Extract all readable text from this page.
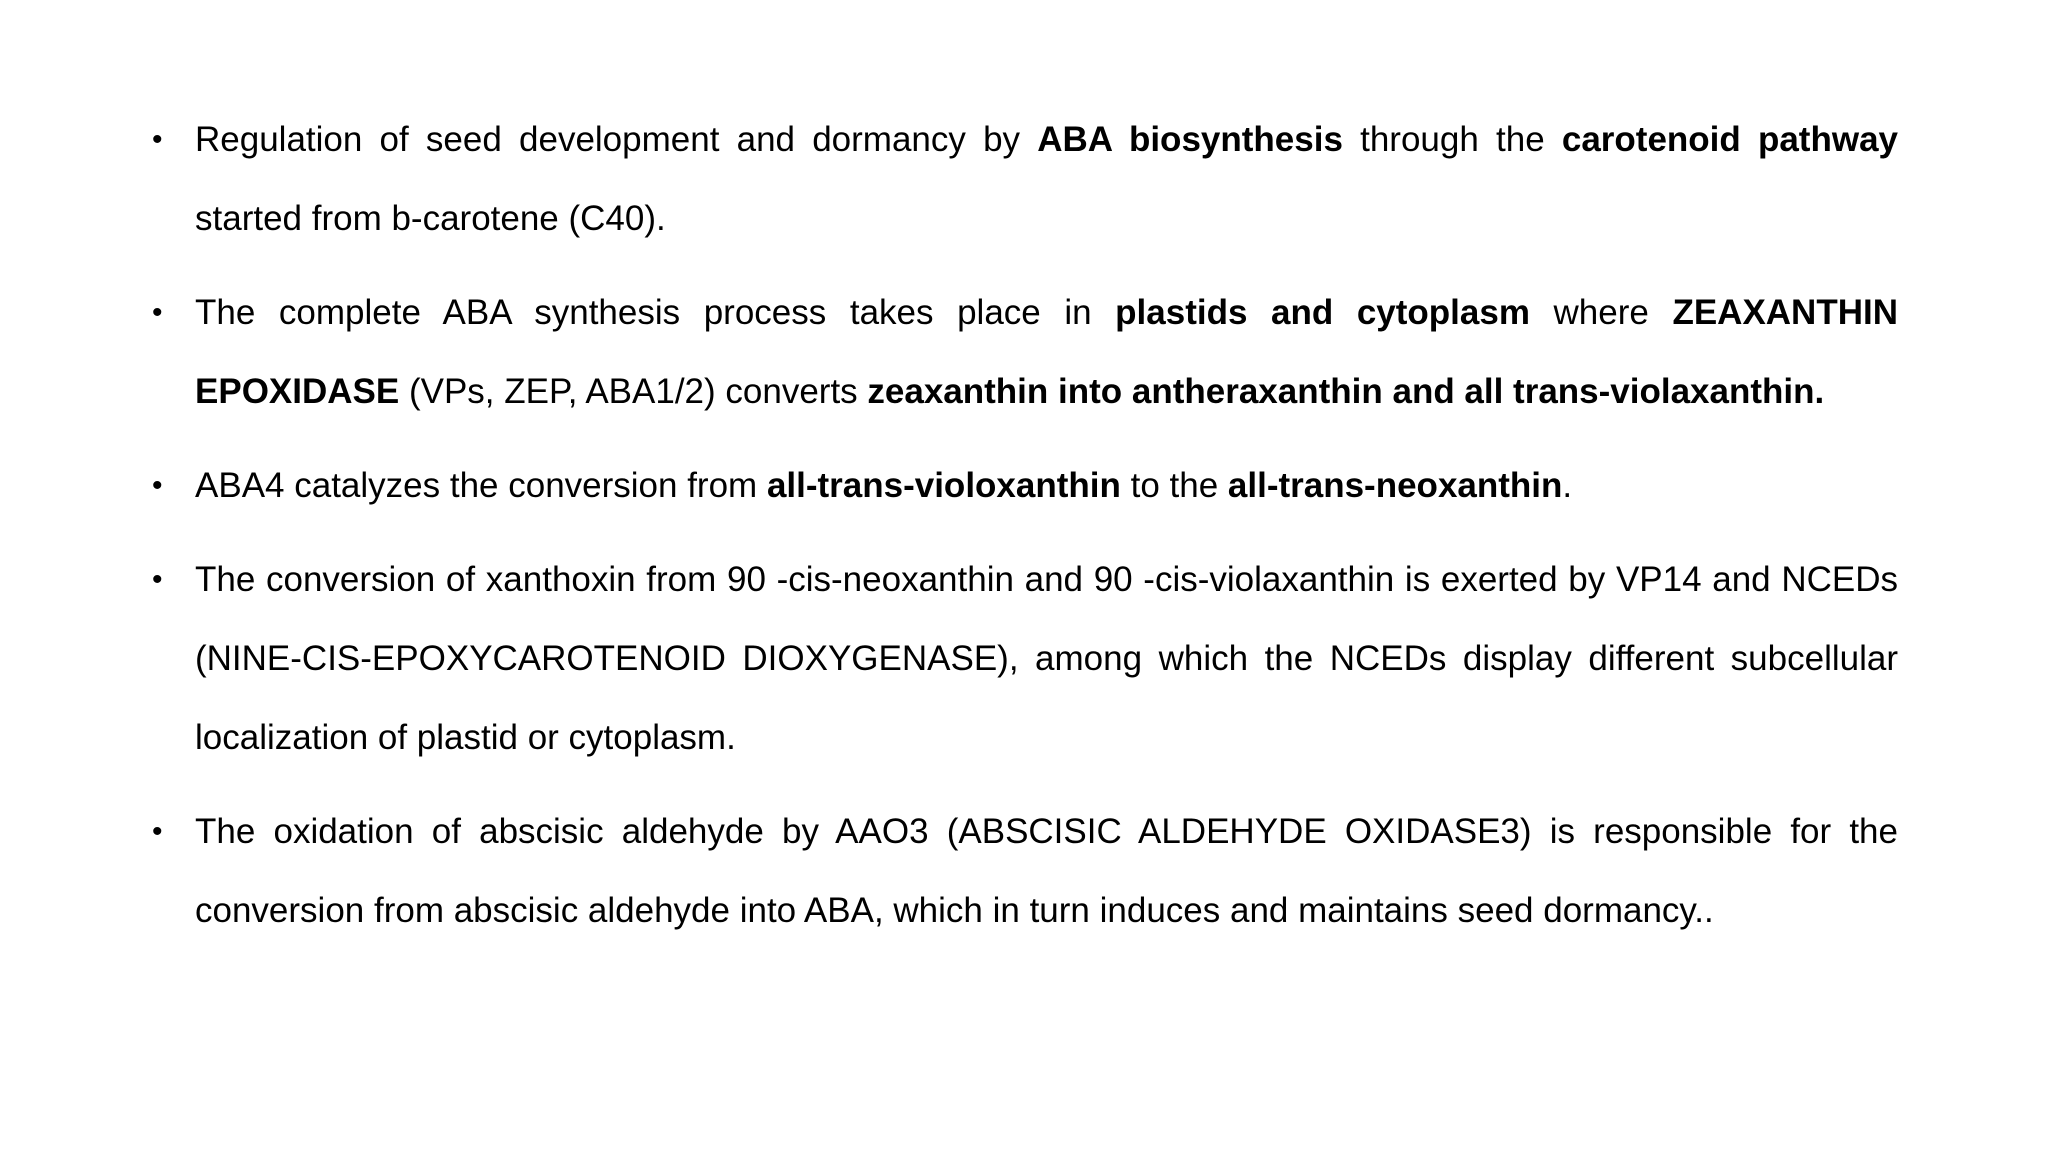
• Regulation of seed development and dormancy by ABA biosynthesis through the carotenoid pathway started from b-carotene (C40).
• The complete ABA synthesis process takes place in plastids and cytoplasm where ZEAXANTHIN EPOXIDASE (VPs, ZEP, ABA1/2) converts zeaxanthin into antheraxanthin and all trans-violaxanthin.
• ABA4 catalyzes the conversion from all-trans-violoxanthin to the all-trans-neoxanthin.
• The conversion of xanthoxin from 90 -cis-neoxanthin and 90 -cis-violaxanthin is exerted by VP14 and NCEDs (NINE-CIS-EPOXYCAROTENOID DIOXYGENASE), among which the NCEDs display different subcellular localization of plastid or cytoplasm.
• The oxidation of abscisic aldehyde by AAO3 (ABSCISIC ALDEHYDE OXIDASE3) is responsible for the conversion from abscisic aldehyde into ABA, which in turn induces and maintains seed dormancy..
